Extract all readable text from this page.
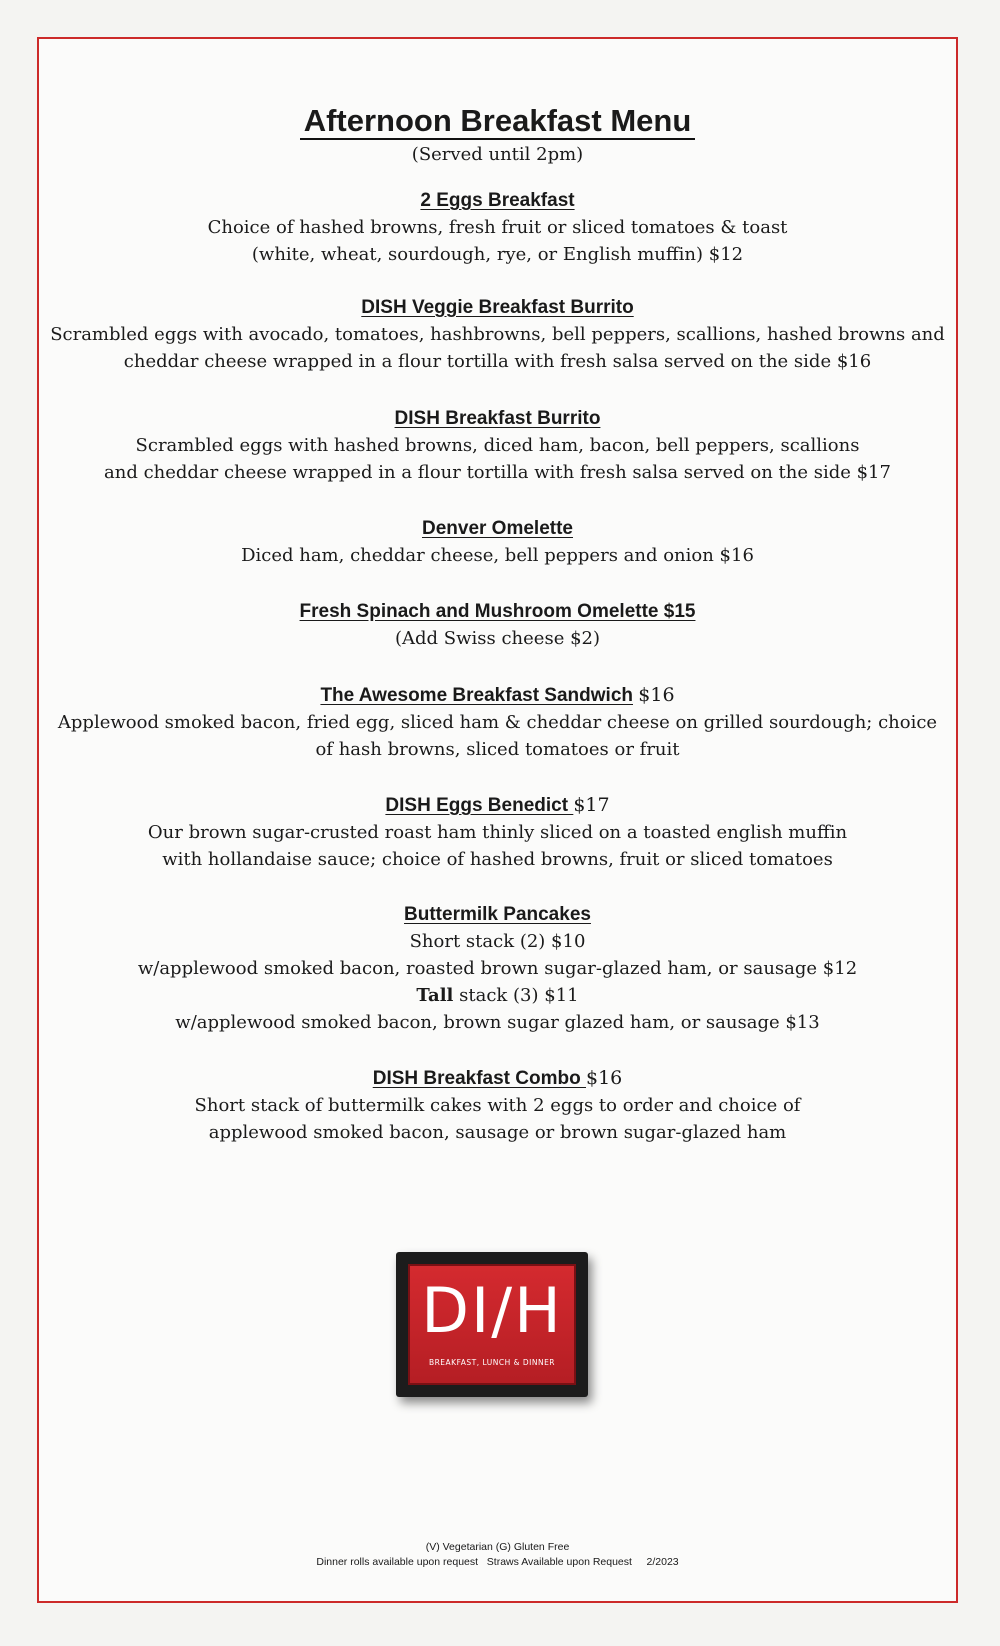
Afternoon Breakfast Menu
(Served until 2pm)
2 Eggs Breakfast
Choice of hashed browns, fresh fruit or sliced tomatoes & toast
(white, wheat, sourdough, rye, or English muffin) $12
DISH Veggie Breakfast Burrito
Scrambled eggs with avocado, tomatoes, hashbrowns, bell peppers, scallions, hashed browns and
cheddar cheese wrapped in a flour tortilla with fresh salsa served on the side $16
DISH Breakfast Burrito
Scrambled eggs with hashed browns, diced ham, bacon, bell peppers, scallions
and cheddar cheese wrapped in a flour tortilla with fresh salsa served on the side $17
Denver Omelette
Diced ham, cheddar cheese, bell peppers and onion $16
Fresh Spinach and Mushroom Omelette $15
(Add Swiss cheese $2)
The Awesome Breakfast Sandwich $16
Applewood smoked bacon, fried egg, sliced ham & cheddar cheese on grilled sourdough; choice
of hash browns, sliced tomatoes or fruit
DISH Eggs Benedict $17
Our brown sugar-crusted roast ham thinly sliced on a toasted english muffin
with hollandaise sauce; choice of hashed browns, fruit or sliced tomatoes
Buttermilk Pancakes
Short stack (2) $10
w/applewood smoked bacon, roasted brown sugar-glazed ham, or sausage $12
Tall stack (3) $11
w/applewood smoked bacon, brown sugar glazed ham, or sausage $13
DISH Breakfast Combo $16
Short stack of buttermilk cakes with 2 eggs to order and choice of
applewood smoked bacon, sausage or brown sugar-glazed ham
DI/H
BREAKFAST, LUNCH & DINNER
(V) Vegetarian (G) Gluten Free
Dinner rolls available upon request   Straws Available upon Request     2/2023
